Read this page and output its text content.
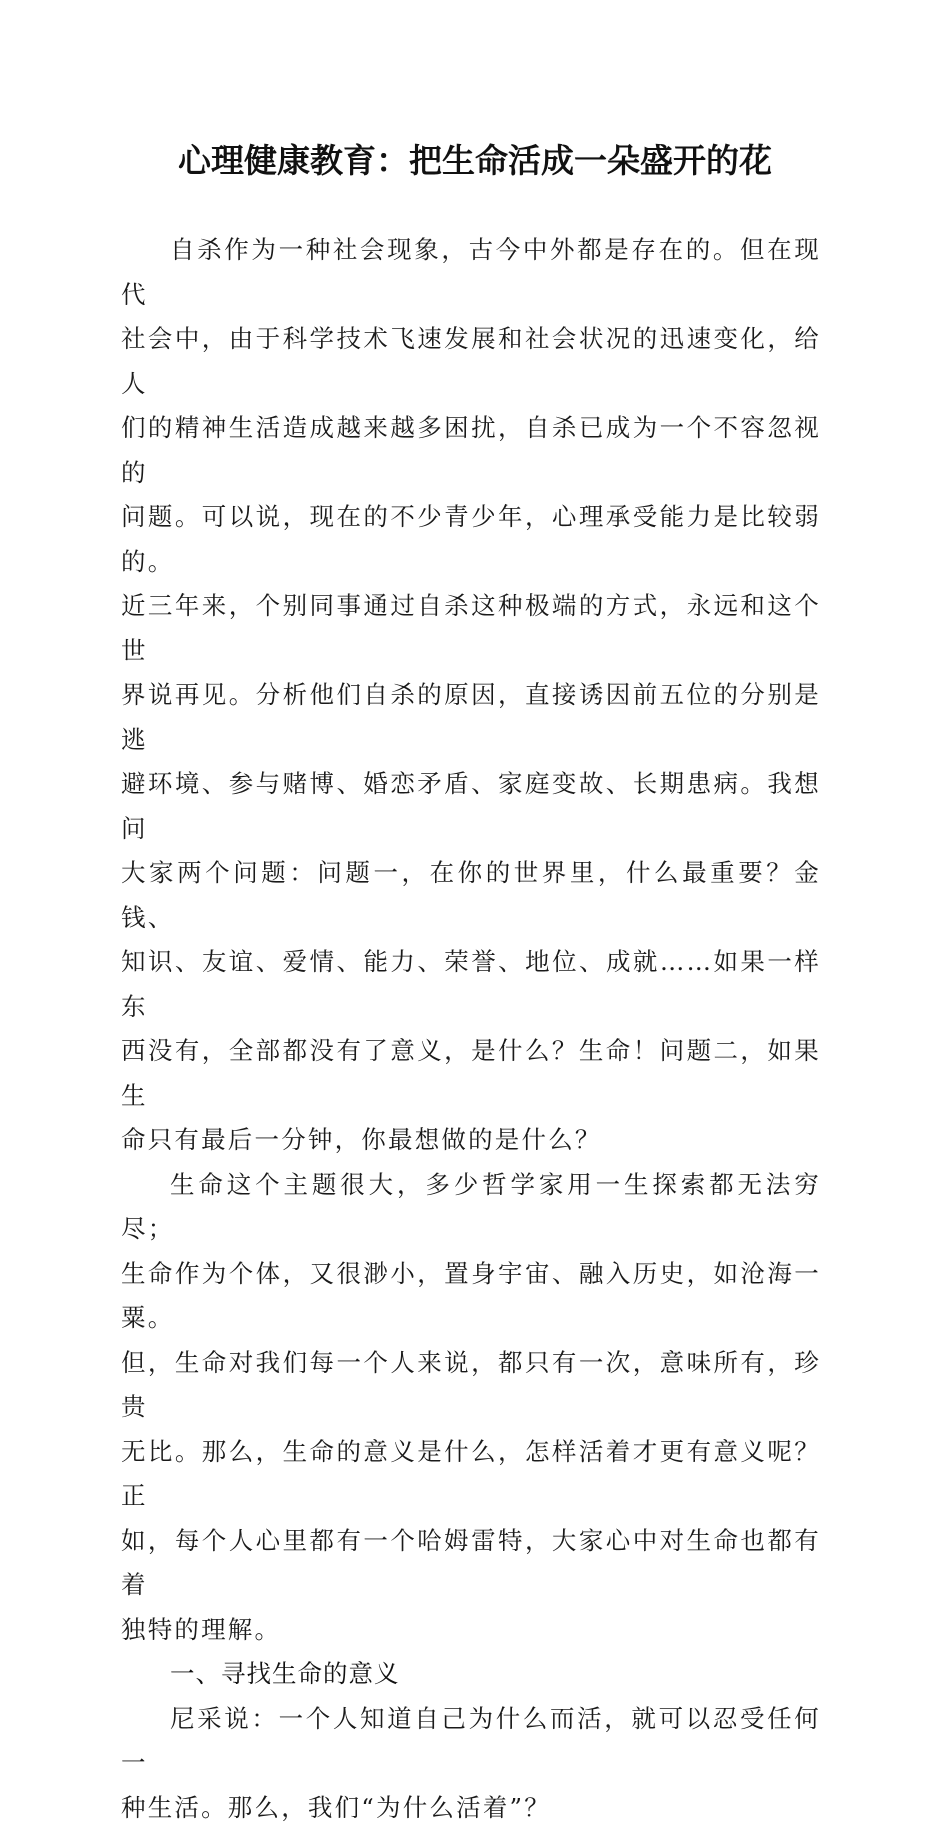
心理健康教育：把生命活成一朵盛开的花

自杀作为一种社会现象，古今中外都是存在的。但在现代
社会中，由于科学技术飞速发展和社会状况的迅速变化，给人
们的精神生活造成越来越多困扰，自杀已成为一个不容忽视的
问题。可以说，现在的不少青少年，心理承受能力是比较弱的。
近三年来，个别同事通过自杀这种极端的方式，永远和这个世
界说再见。分析他们自杀的原因，直接诱因前五位的分别是逃
避环境、参与赌博、婚恋矛盾、家庭变故、长期患病。我想问
大家两个问题：问题一，在你的世界里，什么最重要？金钱、
知识、友谊、爱情、能力、荣誉、地位、成就……如果一样东
西没有，全部都没有了意义，是什么？生命！问题二，如果生
命只有最后一分钟，你最想做的是什么？

生命这个主题很大，多少哲学家用一生探索都无法穷尽；
生命作为个体，又很渺小，置身宇宙、融入历史，如沧海一粟。
但，生命对我们每一个人来说，都只有一次，意味所有，珍贵
无比。那么，生命的意义是什么，怎样活着才更有意义呢？正
如，每个人心里都有一个哈姆雷特，大家心中对生命也都有着
独特的理解。

一、寻找生命的意义

尼采说：一个人知道自己为什么而活，就可以忍受任何一
种生活。那么，我们“为什么活着”？
